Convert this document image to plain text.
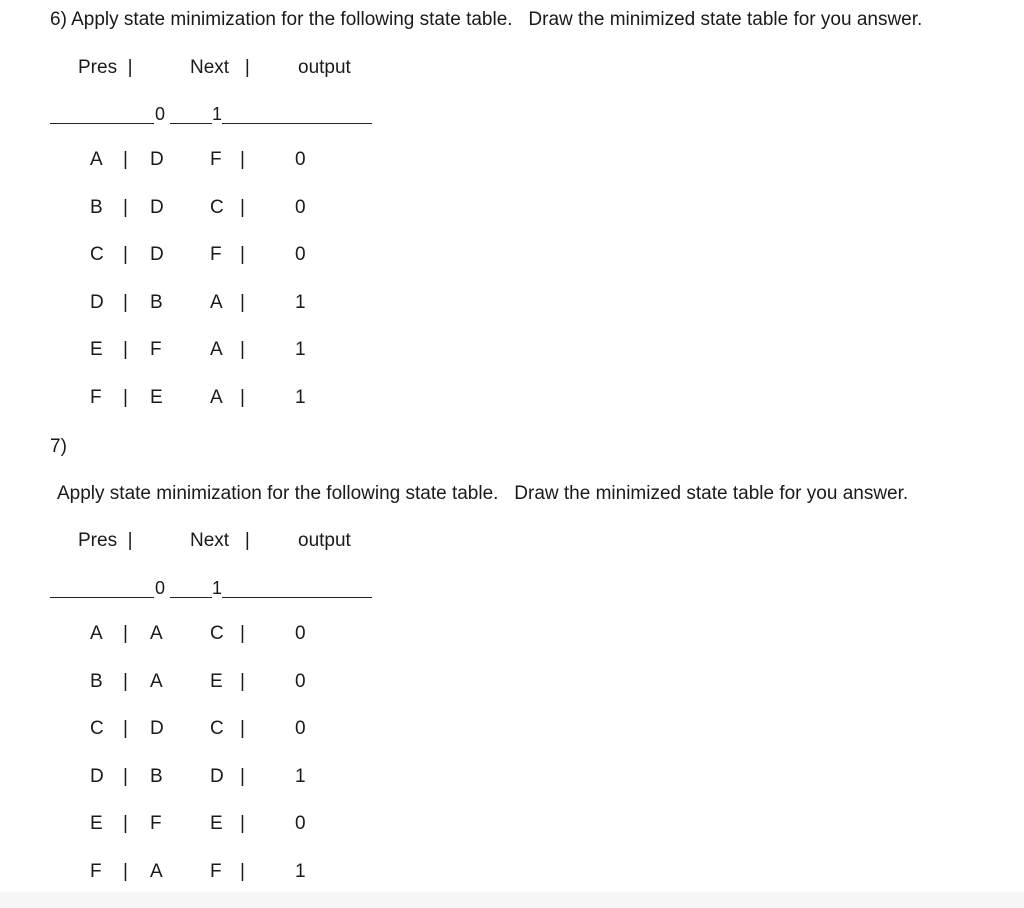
6) Apply state minimization for the following state table.   Draw the minimized state table for you answer.
Pres  |	Next   |	output
0	1
A | D F |	0
B | D C |	0
C | D F |	0
D | B A |	1
E | F	A |	1
F | E A |	1
7)
Apply state minimization for the following state table.   Draw the minimized state table for you answer.
Pres  |	Next   |	output
0	1
A | A C |	0
B | A E |	0
C | D C |	0
D | B D |	1
E | F	E |	0
F | A F |	1
